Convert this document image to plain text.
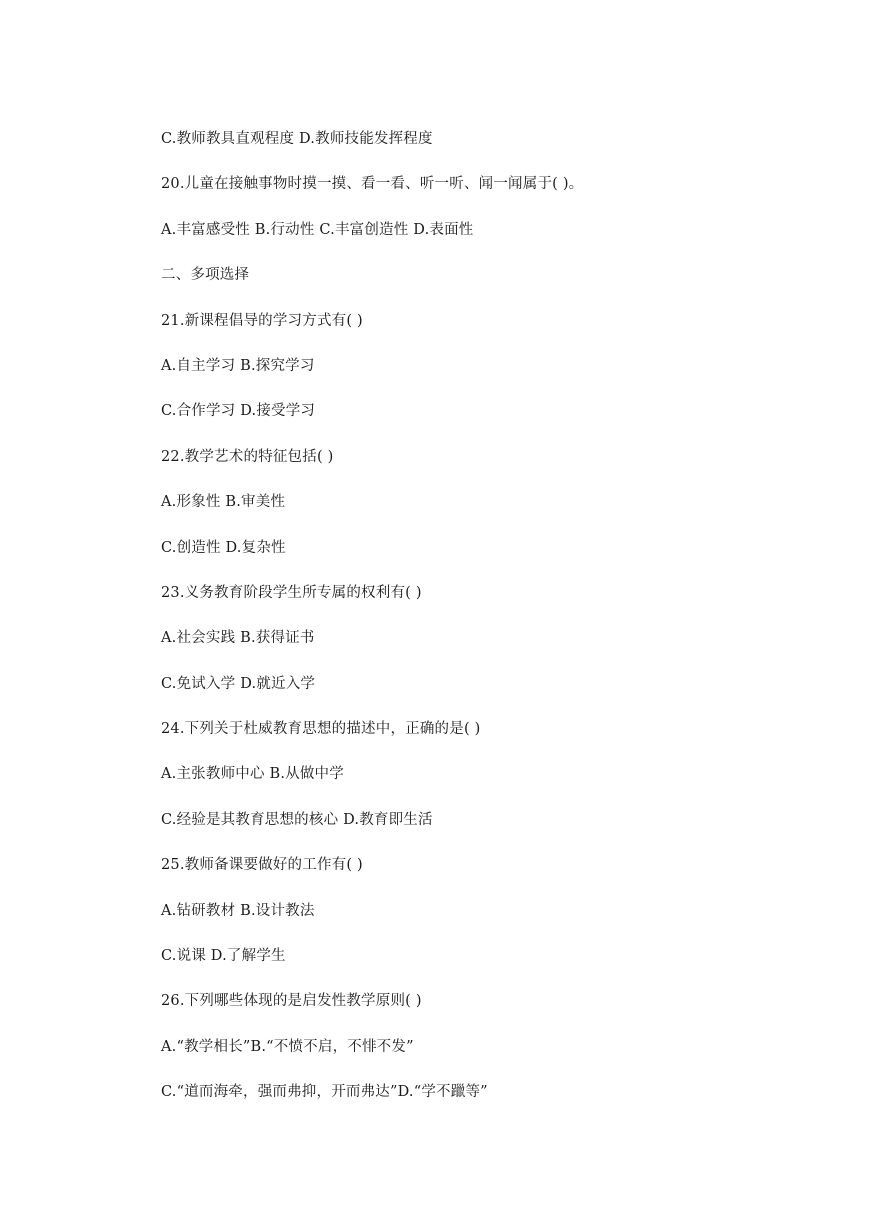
C.教师教具直观程度 D.教师技能发挥程度
20.儿童在接触事物时摸一摸、看一看、听一听、闻一闻属于( )。
A.丰富感受性 B.行动性 C.丰富创造性 D.表面性
二、多项选择
21.新课程倡导的学习方式有( )
A.自主学习 B.探究学习
C.合作学习 D.接受学习
22.教学艺术的特征包括( )
A.形象性 B.审美性
C.创造性 D.复杂性
23.义务教育阶段学生所专属的权利有( )
A.社会实践 B.获得证书
C.免试入学 D.就近入学
24.下列关于杜威教育思想的描述中，正确的是( )
A.主张教师中心 B.从做中学
C.经验是其教育思想的核心 D.教育即生活
25.教师备课要做好的工作有( )
A.钻研教材 B.设计教法
C.说课 D.了解学生
26.下列哪些体现的是启发性教学原则( )
A.“教学相长”B.“不愤不启，不悱不发”
C.“道而海牵，强而弗抑，开而弗达”D.“学不躐等”
